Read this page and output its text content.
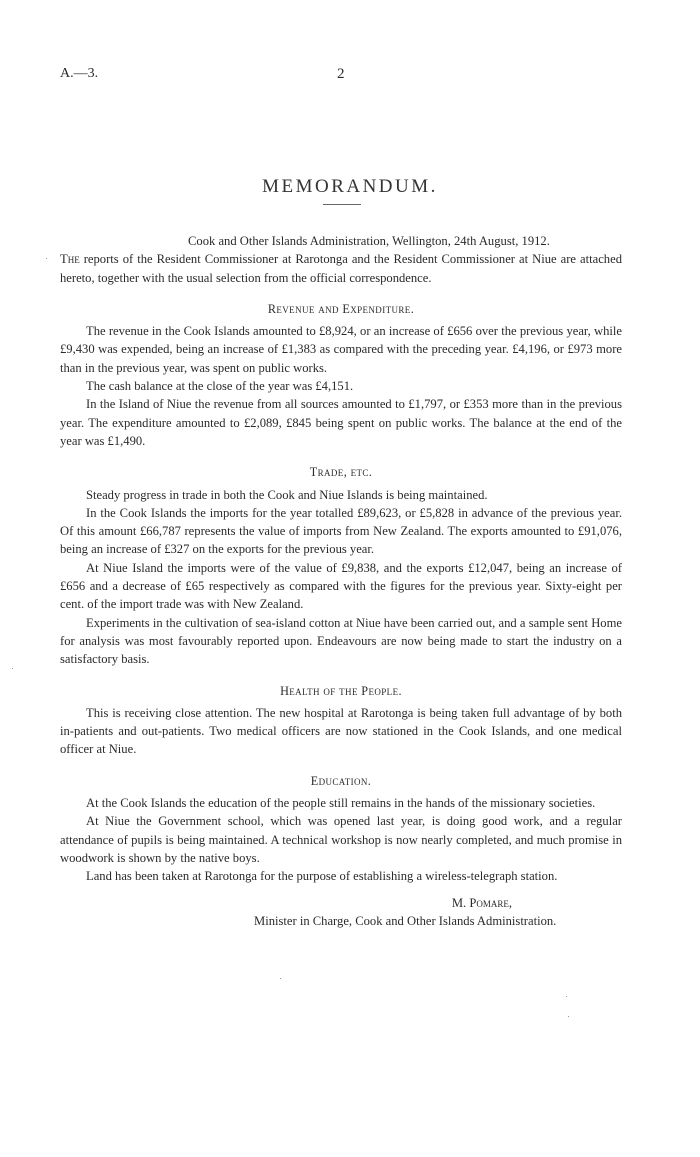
A.—3.	2
MEMORANDUM.

Cook and Other Islands Administration, Wellington, 24th August, 1912.

The reports of the Resident Commissioner at Rarotonga and the Resident Commissioner at Niue are attached hereto, together with the usual selection from the official correspondence.

Revenue and Expenditure.

The revenue in the Cook Islands amounted to £8,924, or an increase of £656 over the previous year, while £9,430 was expended, being an increase of £1,383 as compared with the preceding year. £4,196, or £973 more than in the previous year, was spent on public works.

The cash balance at the close of the year was £4,151.

In the Island of Niue the revenue from all sources amounted to £1,797, or £353 more than in the previous year. The expenditure amounted to £2,089, £845 being spent on public works. The balance at the end of the year was £1,490.

Trade, etc.

Steady progress in trade in both the Cook and Niue Islands is being maintained.

In the Cook Islands the imports for the year totalled £89,623, or £5,828 in advance of the previous year. Of this amount £66,787 represents the value of imports from New Zealand. The exports amounted to £91,076, being an increase of £327 on the exports for the previous year.

At Niue Island the imports were of the value of £9,838, and the exports £12,047, being an increase of £656 and a decrease of £65 respectively as compared with the figures for the previous year. Sixty-eight per cent. of the import trade was with New Zealand.

Experiments in the cultivation of sea-island cotton at Niue have been carried out, and a sample sent Home for analysis was most favourably reported upon. Endeavours are now being made to start the industry on a satisfactory basis.

Health of the People.

This is receiving close attention. The new hospital at Rarotonga is being taken full advantage of by both in-patients and out-patients. Two medical officers are now stationed in the Cook Islands, and one medical officer at Niue.

Education.

At the Cook Islands the education of the people still remains in the hands of the missionary societies.

At Niue the Government school, which was opened last year, is doing good work, and a regular attendance of pupils is being maintained. A technical workshop is now nearly completed, and much promise in woodwork is shown by the native boys.

Land has been taken at Rarotonga for the purpose of establishing a wireless-telegraph station.

M. Pomare,

Minister in Charge, Cook and Other Islands Administration.
